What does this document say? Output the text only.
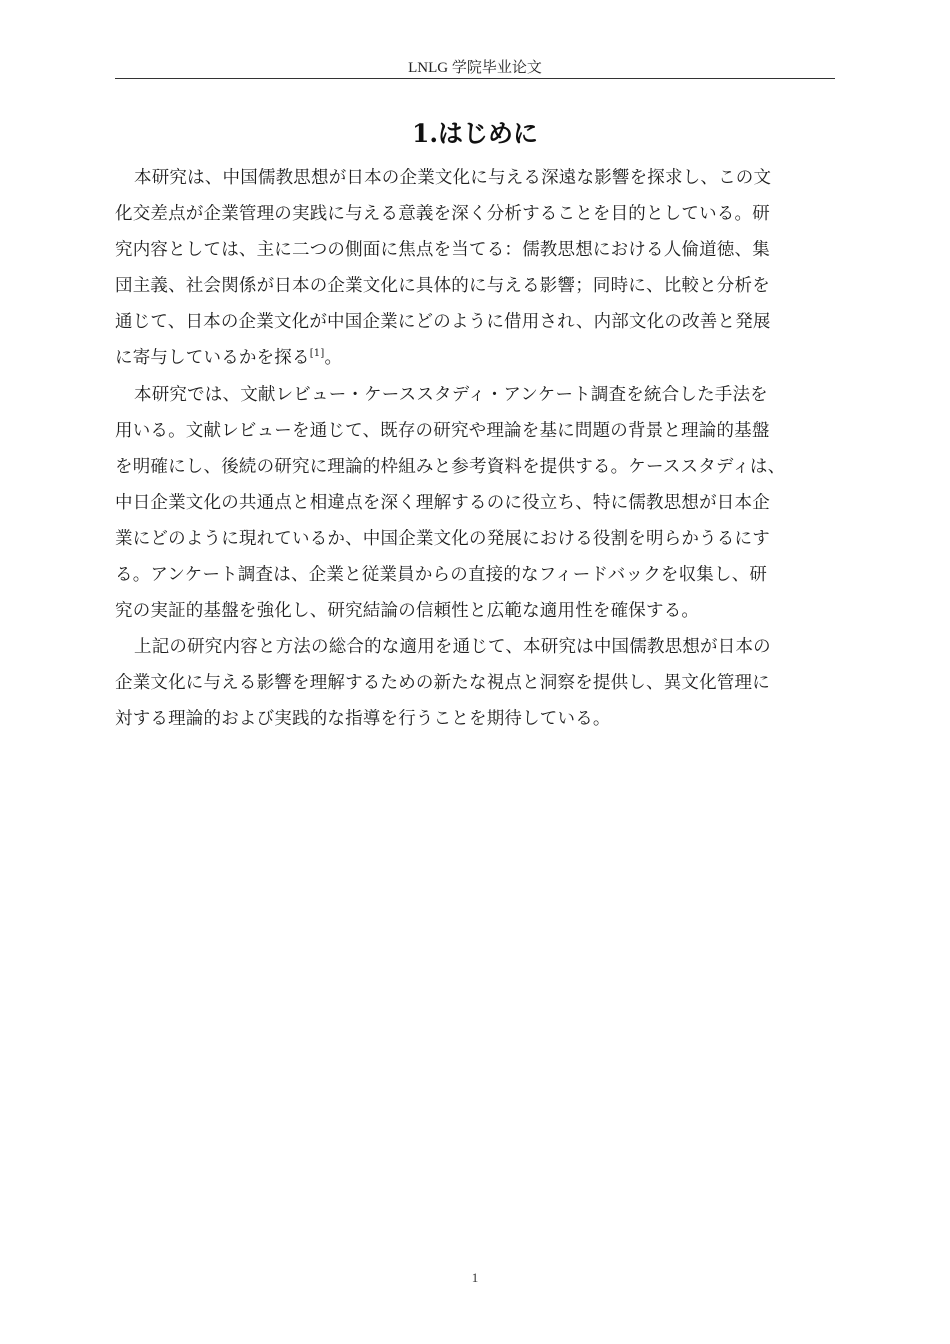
LNLG 学院毕业论文
1.はじめに

本研究は、中国儒教思想が日本の企業文化に与える深遠な影響を探求し、この文
化交差点が企業管理の実践に与える意義を深く分析することを目的としている。研
究内容としては、主に二つの側面に焦点を当てる：儒教思想における人倫道徳、集
団主義、社会関係が日本の企業文化に具体的に与える影響；同時に、比較と分析を
通じて、日本の企業文化が中国企業にどのように借用され、内部文化の改善と発展
に寄与しているかを探る[1]。

本研究では、文献レビュー・ケーススタディ・アンケート調査を統合した手法を
用いる。文献レビューを通じて、既存の研究や理論を基に問題の背景と理論的基盤
を明確にし、後続の研究に理論的枠組みと参考資料を提供する。ケーススタディは、
中日企業文化の共通点と相違点を深く理解するのに役立ち、特に儒教思想が日本企
業にどのように現れているか、中国企業文化の発展における役割を明らかうるにす
る。アンケート調査は、企業と従業員からの直接的なフィードバックを収集し、研
究の実証的基盤を強化し、研究結論の信頼性と広範な適用性を確保する。

上記の研究内容と方法の総合的な適用を通じて、本研究は中国儒教思想が日本の
企業文化に与える影響を理解するための新たな視点と洞察を提供し、異文化管理に
対する理論的および実践的な指導を行うことを期待している。

1
